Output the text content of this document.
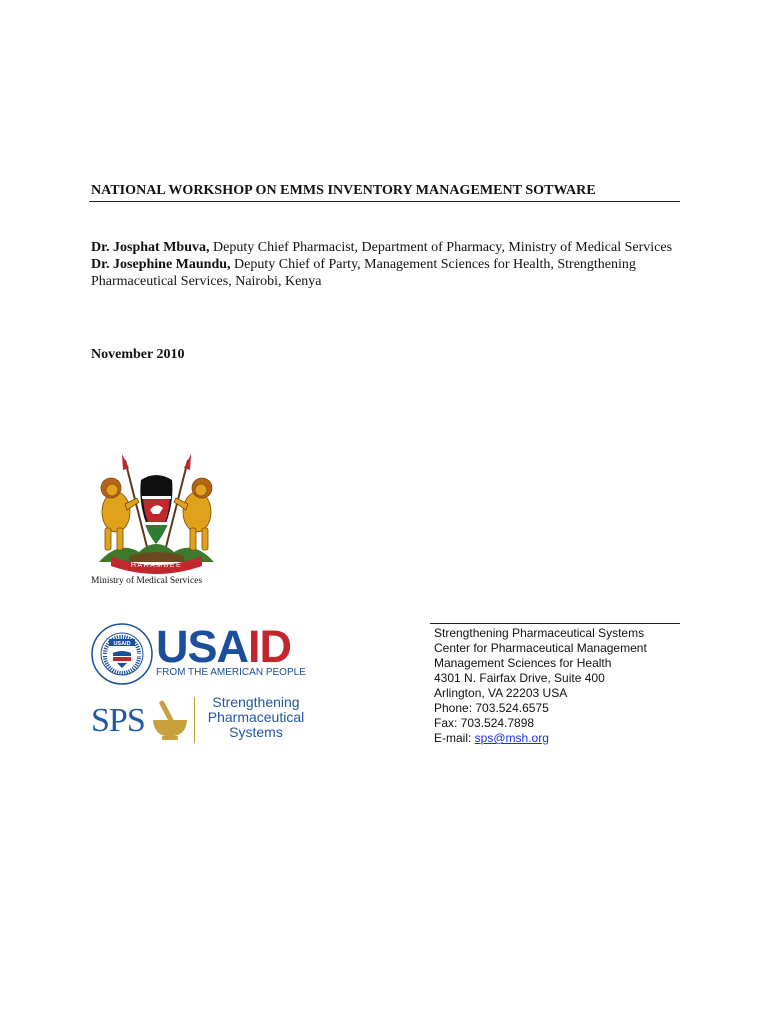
NATIONAL WORKSHOP ON EMMS INVENTORY MANAGEMENT SOTWARE

Dr. Josphat Mbuva, Deputy Chief Pharmacist, Department of Pharmacy, Ministry of Medical Services

Dr. Josephine Maundu, Deputy Chief of Party, Management Sciences for Health, Strengthening Pharmaceutical Services, Nairobi, Kenya

November 2010
HARAMBEE
Ministry of Medical Services
USAID USAID
FROM THE AMERICAN PEOPLE
SPS	Strengthening
Pharmaceutical
Systems
Strengthening Pharmaceutical Systems
Center for Pharmaceutical Management
Management Sciences for Health
4301 N. Fairfax Drive, Suite 400
Arlington, VA 22203 USA
Phone: 703.524.6575
Fax: 703.524.7898
E-mail: sps@msh.org
